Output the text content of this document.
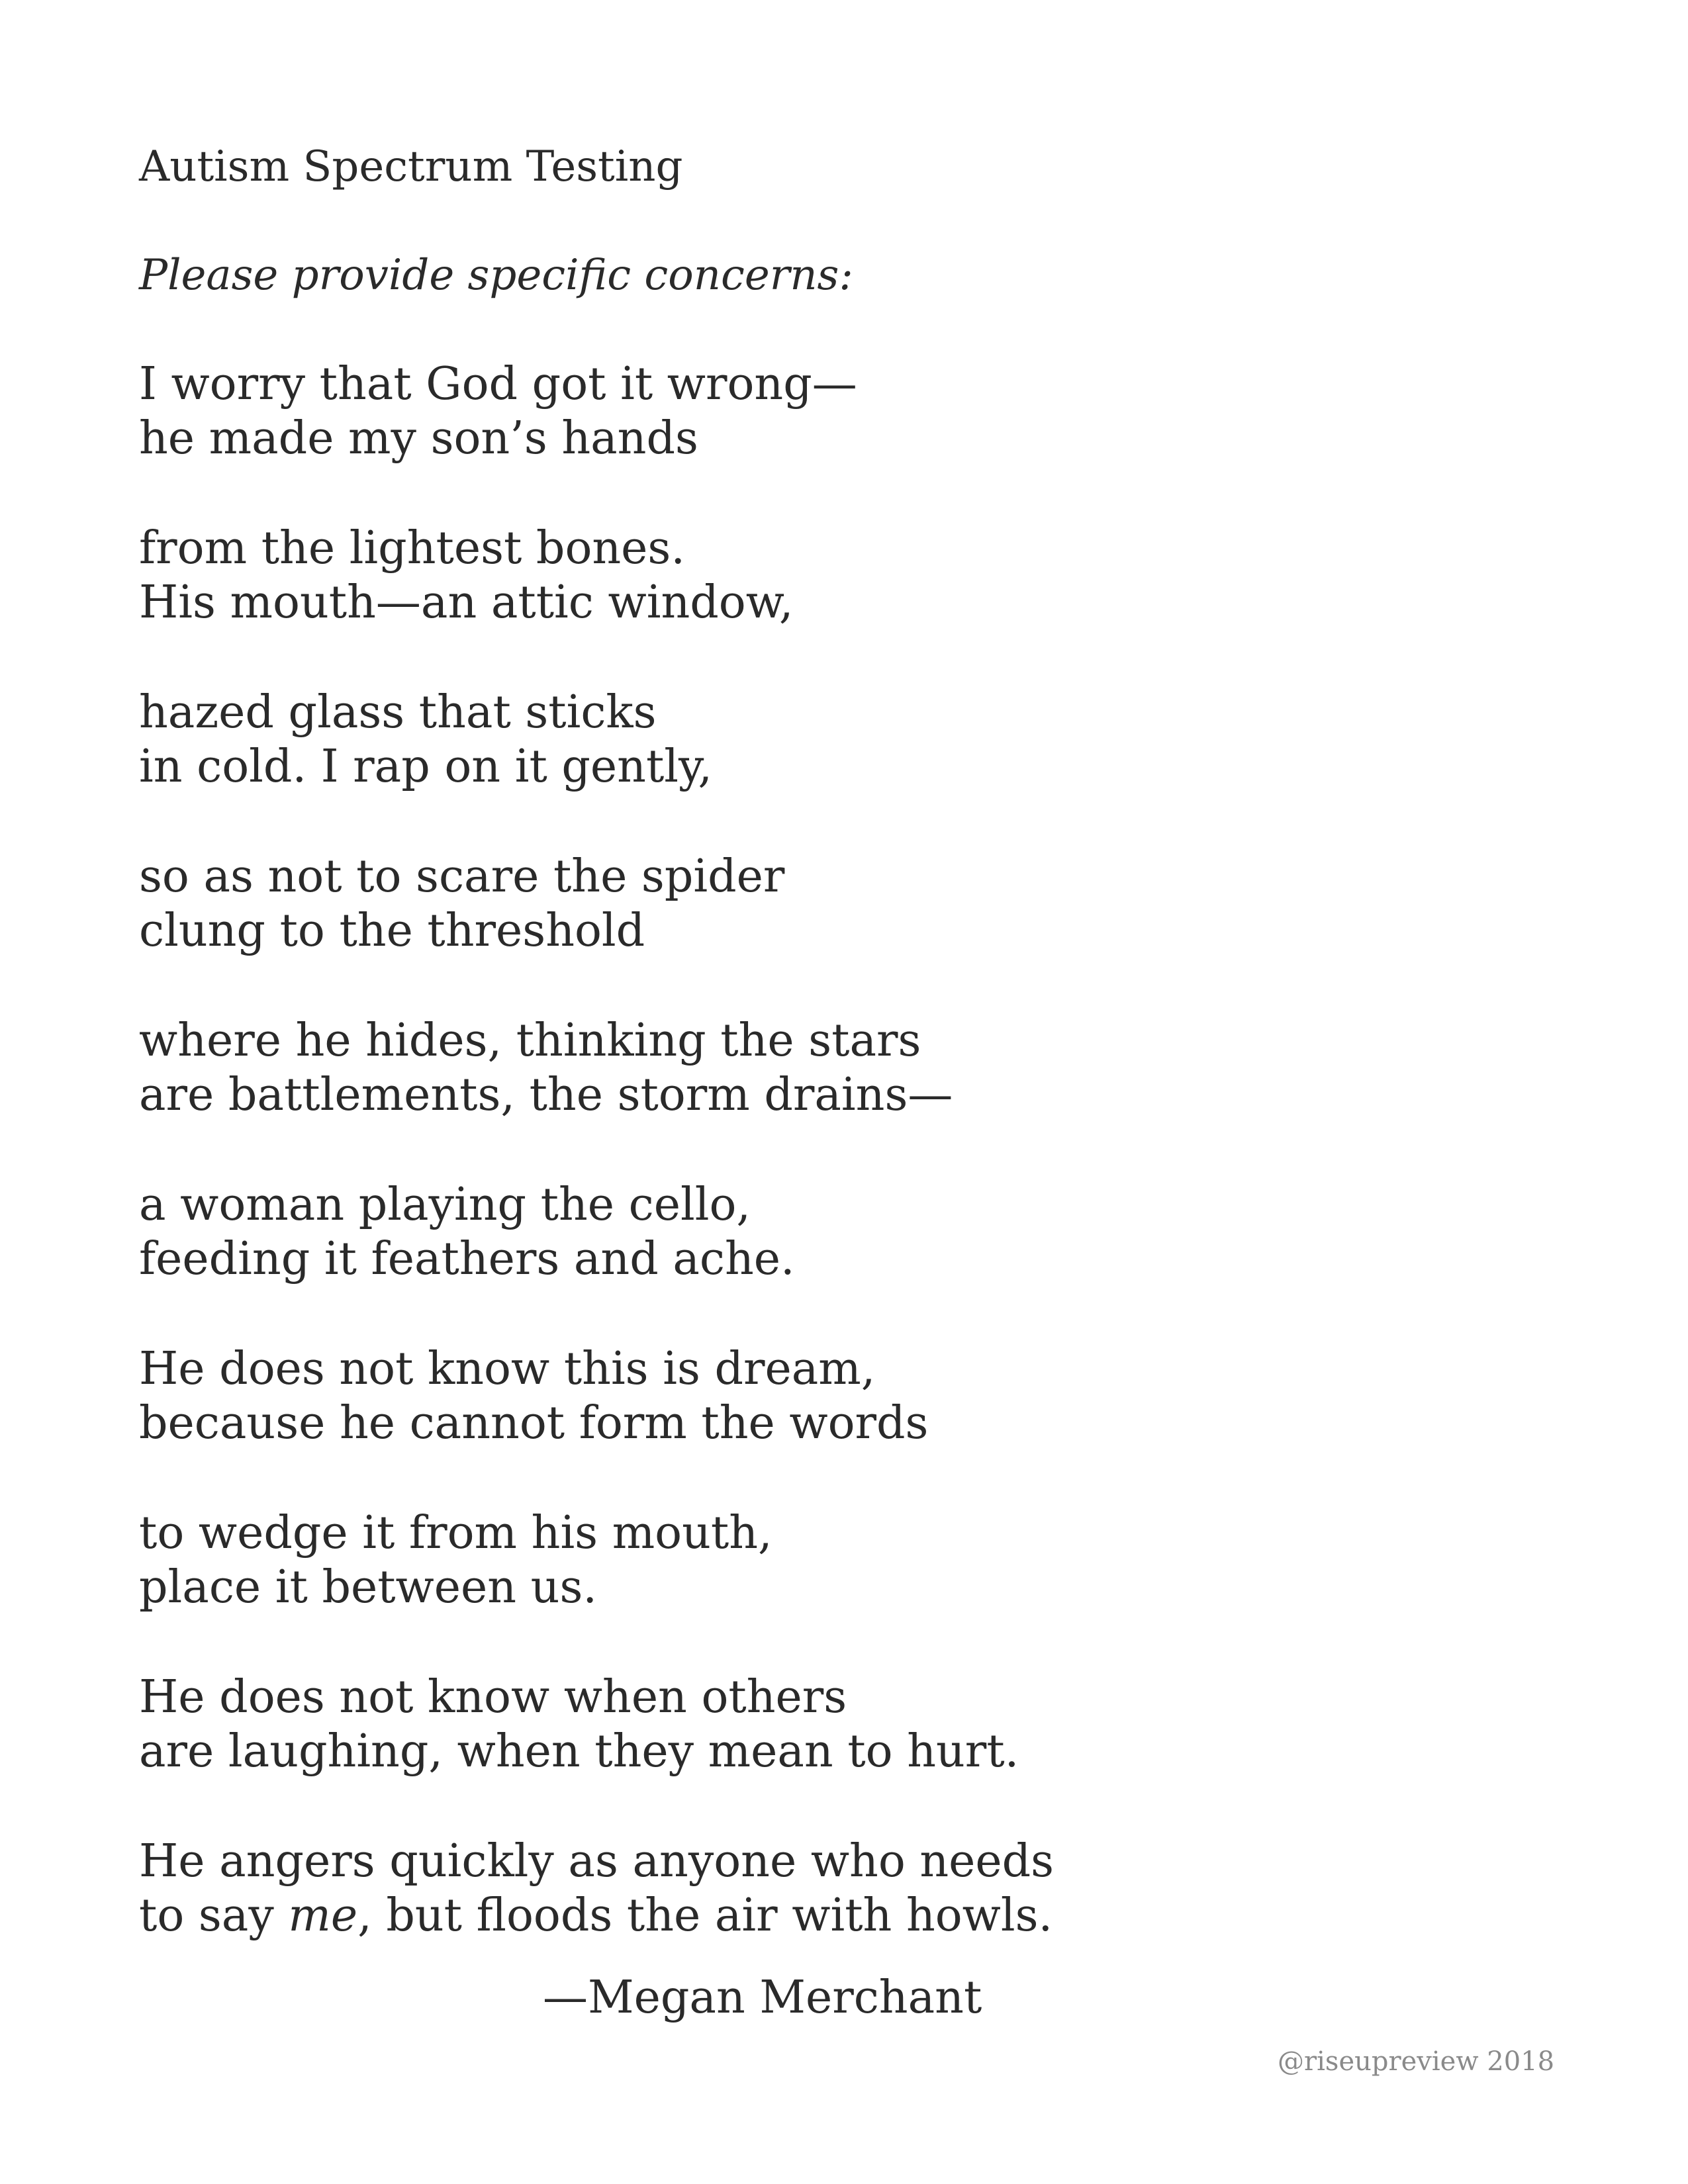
Autism Spectrum Testing

Please provide specific concerns:

I worry that God got it wrong—
he made my son’s hands
from the lightest bones.
His mouth—an attic window,
hazed glass that sticks
in cold. I rap on it gently,
so as not to scare the spider
clung to the threshold
where he hides, thinking the stars
are battlements, the storm drains—
a woman playing the cello,
feeding it feathers and ache.
He does not know this is dream,
because he cannot form the words
to wedge it from his mouth,
place it between us.
He does not know when others
are laughing, when they mean to hurt.
He angers quickly as anyone who needs
to say me, but floods the air with howls.
—Megan Merchant
@riseupreview 2018
